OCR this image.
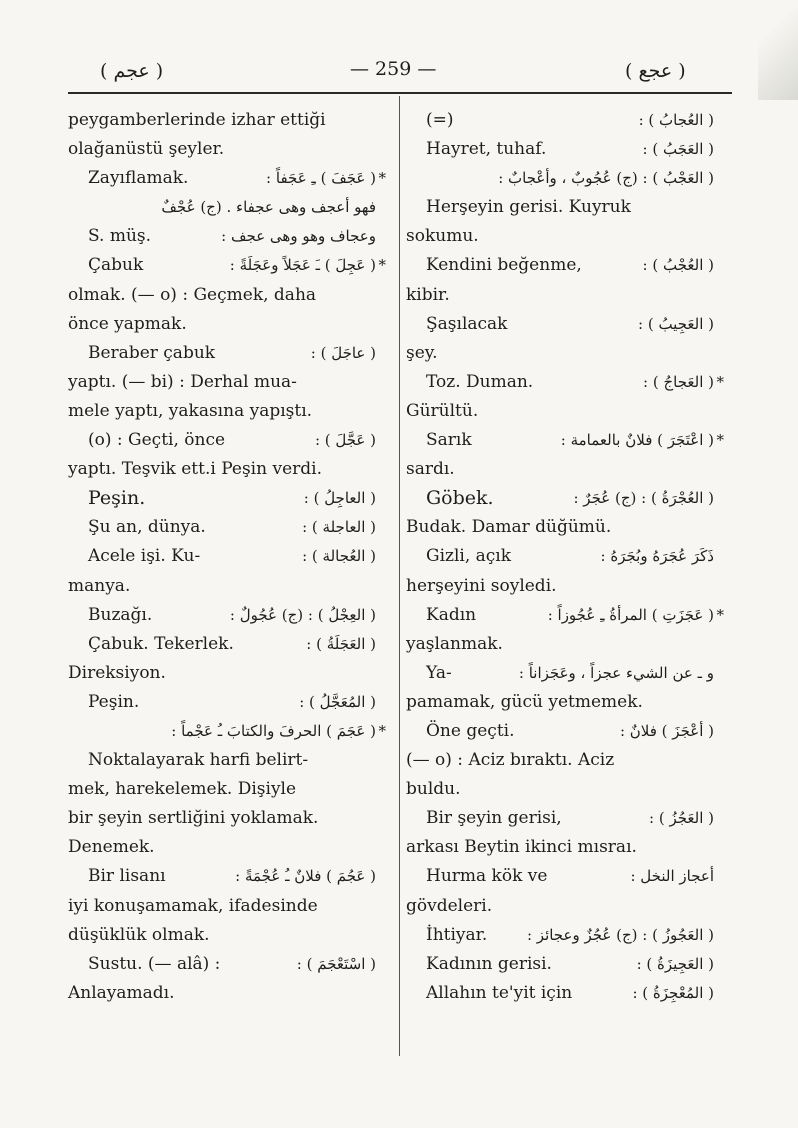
( عجم )	— 259 —	( عجع )
peygamberlerinde izhar ettiği
olağanüstü şeyler.
Zayıflamak.	( عَجَفَ ) ـِ عَجَفاً : *
فهو أعجف وهى عجفاء . (ج) عُجْفٌ
S. müş.	وعجاف وهو وهى عجف :
Çabuk	( عَجِلَ ) ـَ عَجَلاً وعَجَلَةً : *
olmak. (— o) : Geçmek, daha
önce yapmak.
Beraber çabuk	( عاجَلَ ) :
yaptı. (— bi) : Derhal mua-
mele yaptı, yakasına yapıştı.
(o) : Geçti, önce	( عَجَّلَ ) :
yaptı. Teşvik ett.i Peşin verdi.
Peşin.	( العاجِلُ ) :
Şu an, dünya.	( العاجلة ) :
Acele işi. Ku-	( العُجالة ) :
manya.
Buzağı.	( العِجْلُ ) : (ج) عُجُولٌ :
Çabuk. Tekerlek.	( العَجَلَةُ ) :
Direksiyon.
Peşin.	( المُعَجَّلُ ) :
( عَجَمَ ) الحرفَ والكتابَ ـُ عَجْماً : *
Noktalayarak harfi belirt-
mek, harekelemek. Dişiyle
bir şeyin sertliğini yoklamak.
Denemek.
Bir lisanı	( عَجُمَ ) فلانٌ ـُ عُجْمَةً :
iyi konuşamamak, ifadesinde
düşüklük olmak.
Sustu. (— alâ) :	( اسْتَعْجَمَ ) :
Anlayamadı.
(=)	( العُجابُ ) :
Hayret, tuhaf.	( العَجَبُ ) :
( العَجْبُ ) : (ج) عُجُوبٌ ، وأعْجابٌ :
Herşeyin gerisi. Kuyruk
sokumu.
Kendini beğenme,	( العُجْبُ ) :
kibir.
Şaşılacak	( العَجِيبُ ) :
şey.
Toz. Duman.	( العَجاجُ ) : *
Gürültü.
Sarık	( اعْتَجَرَ ) فلانٌ بالعمامة : *
sardı.
Göbek.	( العُجْرَةُ ) : (ج) عُجَرٌ :
Budak. Damar düğümü.
Gizli, açık	ذَكَرَ عُجَرَهُ وبُجَرَهُ :
herşeyini soyledi.
Kadın	( عَجَزَتِ ) المرأةُ ـِ عُجُوزاً : *
yaşlanmak.
Ya-	و ـ عن الشيء عجزاً ، وعَجَزاناً :
pamamak, gücü yetmemek.
Öne geçti.	( أعْجَزَ ) فلانٌ :
(— o) : Aciz bıraktı. Aciz
buldu.
Bir şeyin gerisi,	( العَجُزُ ) :
arkası Beytin ikinci mısraı.
Hurma kök ve	أعجاز النخل :
gövdeleri.
İhtiyar.	( العَجُوزُ ) : (ج) عُجُزٌ وعجائز :
Kadının gerisi.	( العَجِيزَةُ ) :
Allahın te'yit için	( المُعْجِزَةُ ) :
